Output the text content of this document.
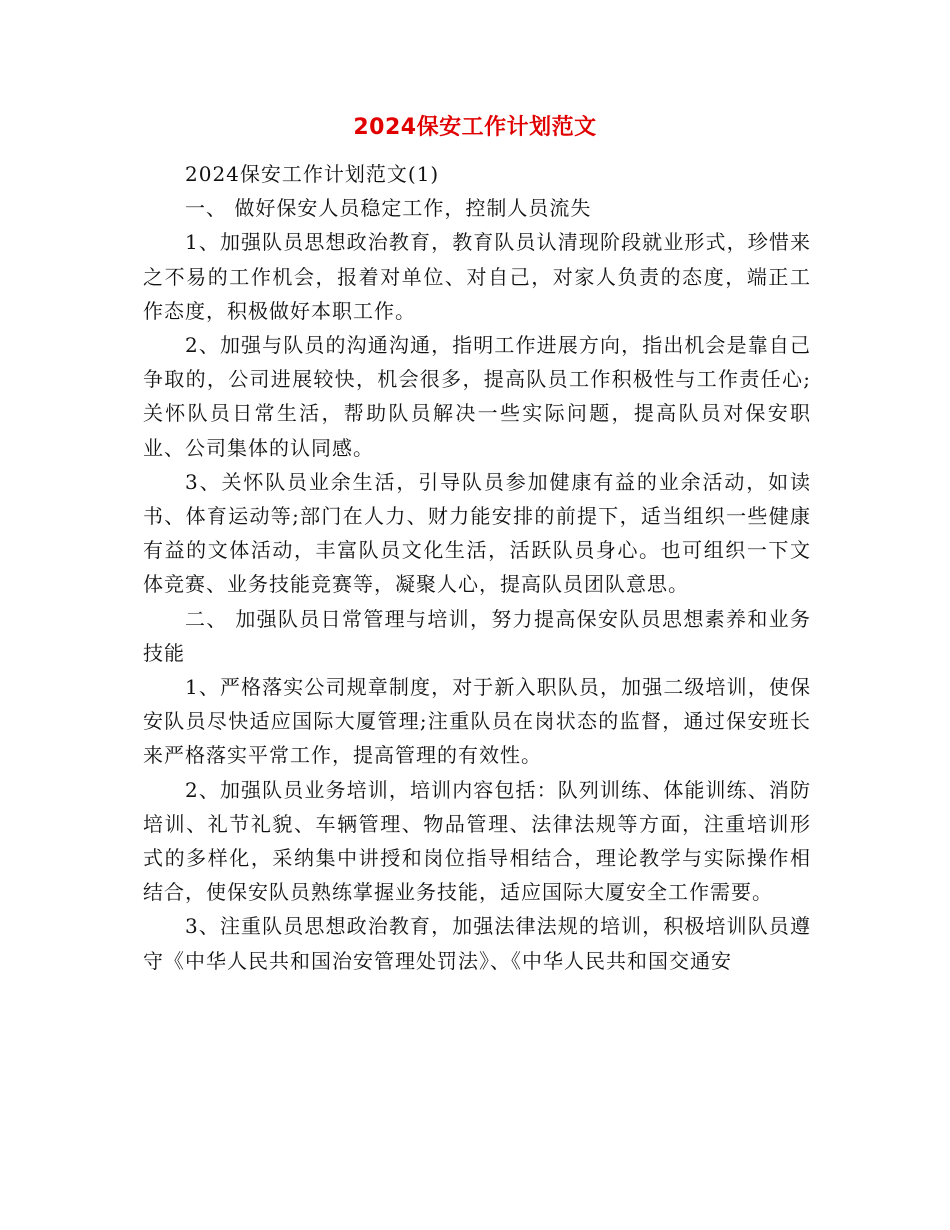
2024保安工作计划范文

2024保安工作计划范文(1)

一、 做好保安人员稳定工作，控制人员流失

1、加强队员思想政治教育，教育队员认清现阶段就业形式，珍惜来之不易的工作机会，报着对单位、对自己，对家人负责的态度，端正工作态度，积极做好本职工作。

2、加强与队员的沟通沟通，指明工作进展方向，指出机会是靠自己争取的，公司进展较快，机会很多，提高队员工作积极性与工作责任心;关怀队员日常生活，帮助队员解决一些实际问题，提高队员对保安职业、公司集体的认同感。

3、关怀队员业余生活，引导队员参加健康有益的业余活动，如读书、体育运动等;部门在人力、财力能安排的前提下，适当组织一些健康有益的文体活动，丰富队员文化生活，活跃队员身心。也可组织一下文体竞赛、业务技能竞赛等，凝聚人心，提高队员团队意思。

二、 加强队员日常管理与培训，努力提高保安队员思想素养和业务技能

1、严格落实公司规章制度，对于新入职队员，加强二级培训，使保安队员尽快适应国际大厦管理;注重队员在岗状态的监督，通过保安班长来严格落实平常工作，提高管理的有效性。

2、加强队员业务培训，培训内容包括：队列训练、体能训练、消防培训、礼节礼貌、车辆管理、物品管理、法律法规等方面，注重培训形式的多样化，采纳集中讲授和岗位指导相结合，理论教学与实际操作相结合，使保安队员熟练掌握业务技能，适应国际大厦安全工作需要。

3、注重队员思想政治教育，加强法律法规的培训，积极培训队员遵守《中华人民共和国治安管理处罚法》、《中华人民共和国交通安
